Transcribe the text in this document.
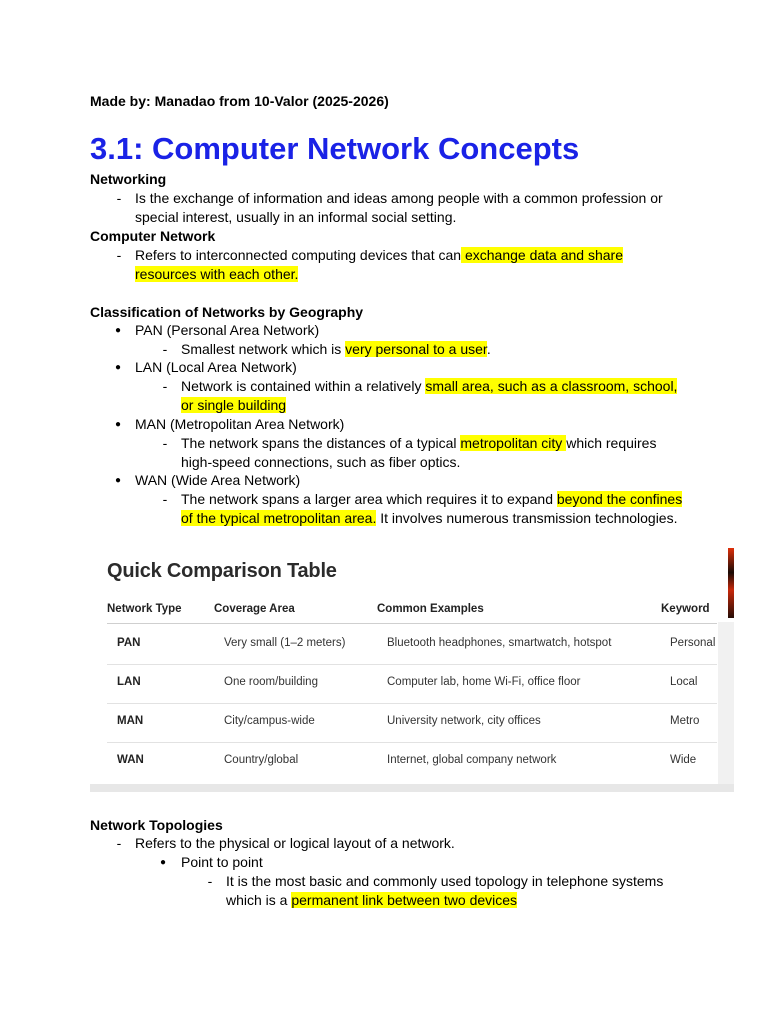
Made by: Manadao from 10-Valor (2025-2026)
3.1: Computer Network Concepts
Networking
- Is the exchange of information and ideas among people with a common profession or
special interest, usually in an informal social setting.
Computer Network
- Refers to interconnected computing devices that can exchange data and share
resources with each other.
Classification of Networks by Geography
● PAN (Personal Area Network)
- Smallest network which is very personal to a user.
● LAN (Local Area Network)
- Network is contained within a relatively small area, such as a classroom, school,
or single building
● MAN (Metropolitan Area Network)
- The network spans the distances of a typical metropolitan city which requires
high-speed connections, such as fiber optics.
● WAN (Wide Area Network)
- The network spans a larger area which requires it to expand beyond the confines
of the typical metropolitan area. It involves numerous transmission technologies.
Quick Comparison Table
Network Type	Coverage Area	Common Examples	Keyword
PAN	Very small (1–2 meters)	Bluetooth headphones, smartwatch, hotspot	Personal
LAN	One room/building	Computer lab, home Wi-Fi, office floor	Local
MAN	City/campus-wide	University network, city offices	Metro
WAN	Country/global	Internet, global company network	Wide
Network Topologies
- Refers to the physical or logical layout of a network.
● Point to point
- It is the most basic and commonly used topology in telephone systems
which is a permanent link between two devices
